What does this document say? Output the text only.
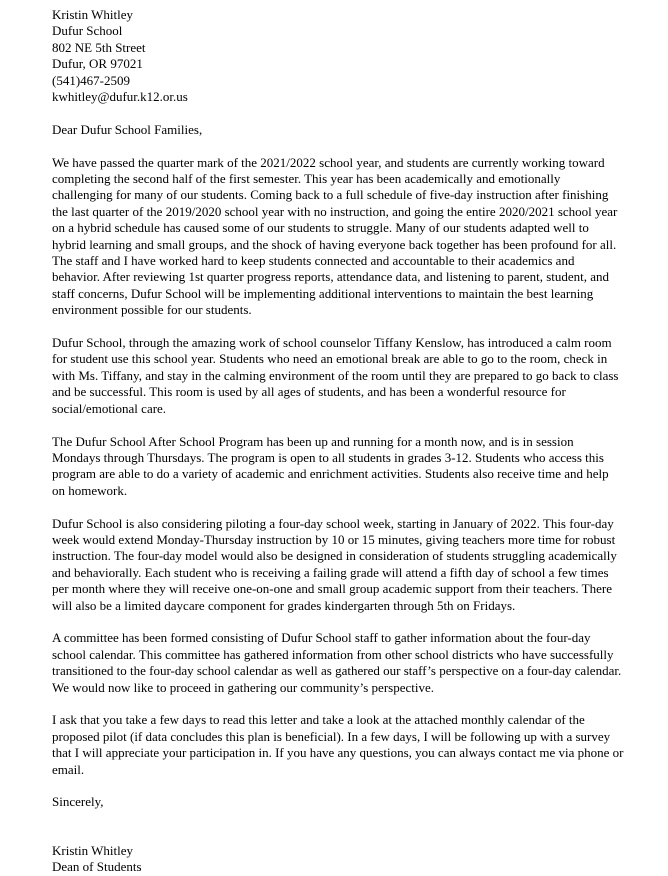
Kristin Whitley
Dufur School
802 NE 5th Street
Dufur, OR 97021
(541)467-2509
kwhitley@dufur.k12.or.us
Dear Dufur School Families,

We have passed the quarter mark of the 2021/2022 school year, and students are currently working toward completing the second half of the first semester. This year has been academically and emotionally challenging for many of our students. Coming back to a full schedule of five-day instruction after finishing the last quarter of the 2019/2020 school year with no instruction, and going the entire 2020/2021 school year on a hybrid schedule has caused some of our students to struggle. Many of our students adapted well to hybrid learning and small groups, and the shock of having everyone back together has been profound for all. The staff and I have worked hard to keep students connected and accountable to their academics and behavior. After reviewing 1st quarter progress reports, attendance data, and listening to parent, student, and staff concerns, Dufur School will be implementing additional interventions to maintain the best learning environment possible for our students.

Dufur School, through the amazing work of school counselor Tiffany Kenslow, has introduced a calm room for student use this school year. Students who need an emotional break are able to go to the room, check in with Ms. Tiffany, and stay in the calming environment of the room until they are prepared to go back to class and be successful. This room is used by all ages of students, and has been a wonderful resource for social/emotional care.

The Dufur School After School Program has been up and running for a month now, and is in session Mondays through Thursdays. The program is open to all students in grades 3-12. Students who access this program are able to do a variety of academic and enrichment activities. Students also receive time and help on homework.

Dufur School is also considering piloting a four-day school week, starting in January of 2022. This four-day week would extend Monday-Thursday instruction by 10 or 15 minutes, giving teachers more time for robust instruction. The four-day model would also be designed in consideration of students struggling academically and behaviorally. Each student who is receiving a failing grade will attend a fifth day of school a few times per month where they will receive one-on-one and small group academic support from their teachers. There will also be a limited daycare component for grades kindergarten through 5th on Fridays.

A committee has been formed consisting of Dufur School staff to gather information about the four-day school calendar. This committee has gathered information from other school districts who have successfully transitioned to the four-day school calendar as well as gathered our staff’s perspective on a four-day calendar. We would now like to proceed in gathering our community’s perspective.

I ask that you take a few days to read this letter and take a look at the attached monthly calendar of the proposed pilot (if data concludes this plan is beneficial). In a few days, I will be following up with a survey that I will appreciate your participation in. If you have any questions, you can always contact me via phone or email.

Sincerely,
Kristin Whitley
Dean of Students
